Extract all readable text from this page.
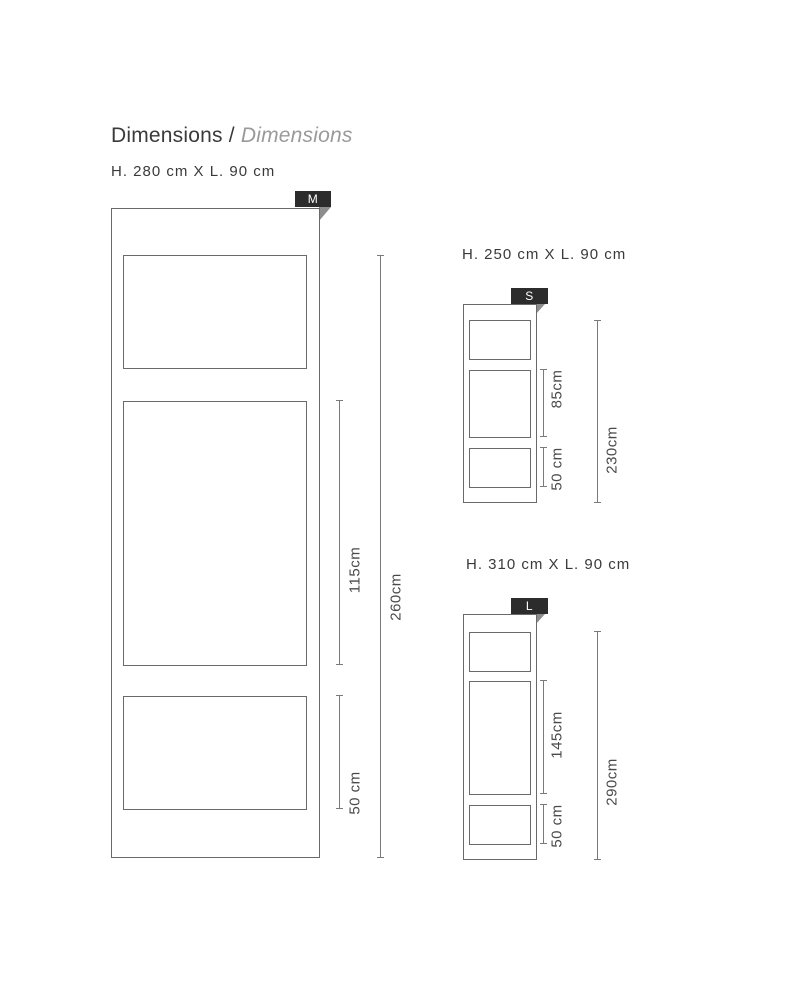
Dimensions / Dimensions
H. 280 cm X L. 90 cm
M
115cm
50 cm
260cm
H. 250 cm X L. 90 cm
S
85cm
50 cm	230cm
H. 310 cm X L. 90 cm
L
145cm
50 cm
290cm
